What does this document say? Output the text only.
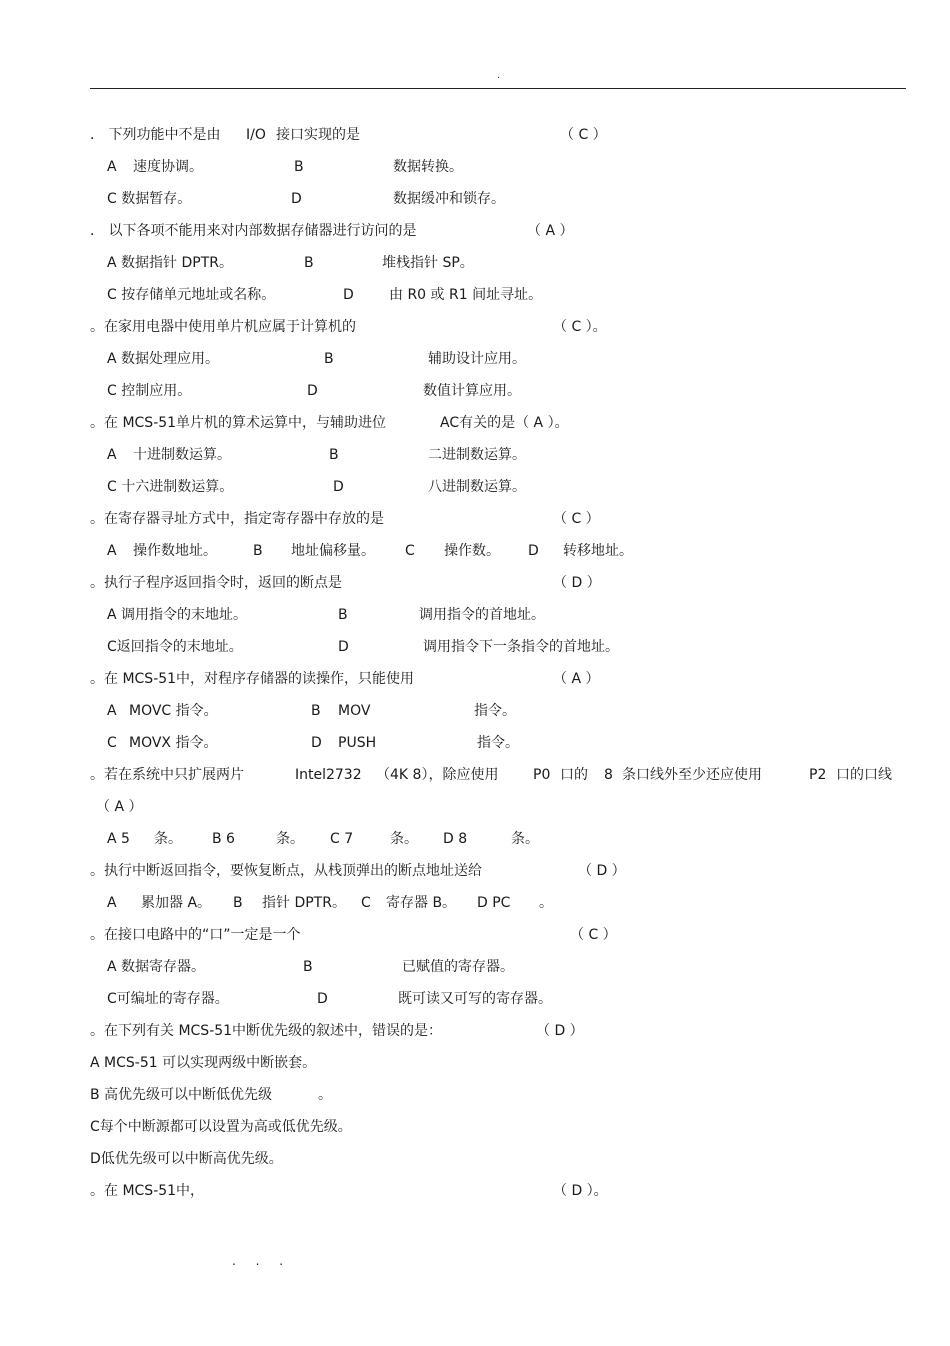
.
． 下列功能中不是由 I/O 接口实现的是	（ C ）
A 速度协调。	B	数据转换。
C 数据暂存。	D	数据缓冲和锁存。
． 以下各项不能用来对内部数据存储器进行访问的是	（ A ）
A 数据指针 DPTR。	B	堆栈指针 SP。
C 按存储单元地址或名称。	D	由 R0 或 R1 间址寻址。
。在家用电器中使用单片机应属于计算机的	（ C ）。
A 数据处理应用。	B	辅助设计应用。
C 控制应用。	D	数值计算应用。
。在 MCS-51单片机的算术运算中，与辅助进位	AC有关的是（ A ）。
A 十进制数运算。	B	二进制数运算。
C 十六进制数运算。	D	八进制数运算。
。在寄存器寻址方式中，指定寄存器中存放的是	（ C ）
A 操作数地址。	B 地址偏移量。 C 操作数。 D 转移地址。
。执行子程序返回指令时，返回的断点是	（ D ）
A 调用指令的末地址。	B	调用指令的首地址。
C返回指令的末地址。	D	调用指令下一条指令的首地址。
。在 MCS-51中，对程序存储器的读操作，只能使用	（ A ）
A MOVC 指令。	B MOV	指令。
C MOVX 指令。	D PUSH	指令。
。若在系统中只扩展两片	Intel2732 （4K 8），除应使用 P0 口的 8 条口线外至少还应使用	P2 口的口线
（ A ）
A 5 条。 B 6	条。 C 7	条。 D 8	条。
。执行中断返回指令，要恢复断点，从栈顶弹出的断点地址送给	（ D ）
A 累加器 A。 B 指针 DPTR。 C 寄存器 B。 D PC 。
。在接口电路中的“口”一定是一个	（ C ）
A 数据寄存器。	B	已赋值的寄存器。
C可编址的寄存器。	D	既可读又可写的寄存器。
。在下列有关 MCS-51中断优先级的叙述中，错误的是：	（ D ）
A MCS-51 可以实现两级中断嵌套。
B 高优先级可以中断低优先级	。
C每个中断源都可以设置为高或低优先级。
D低优先级可以中断高优先级。
。在 MCS-51中，	（ D ）。
. . .
